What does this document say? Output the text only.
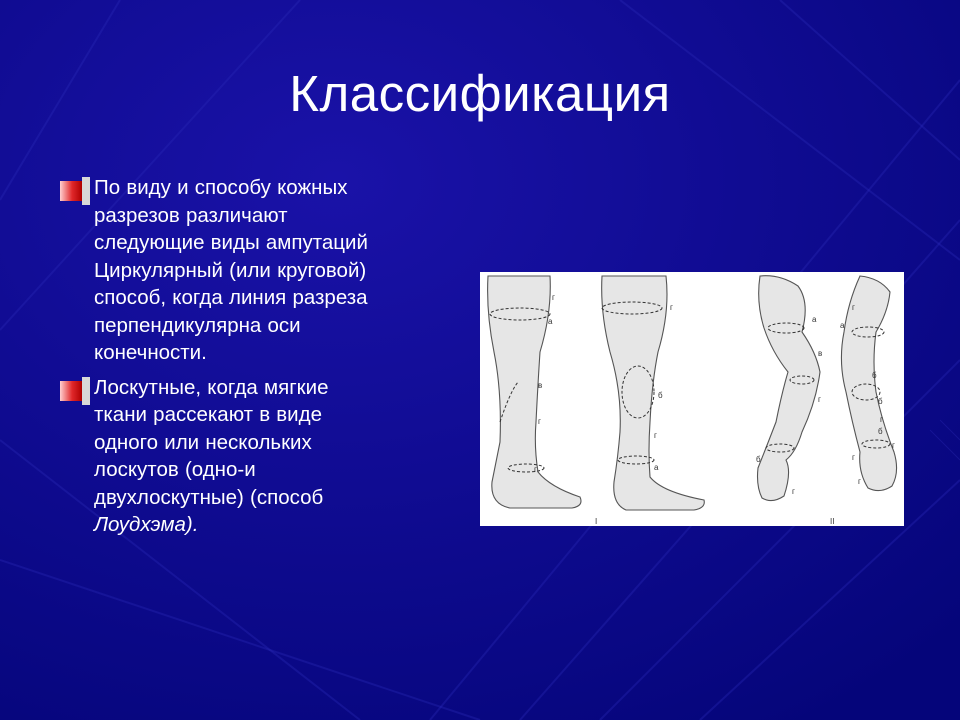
Классификация
По виду и способу кожных
разрезов различают
следующие виды ампутаций
Циркулярный (или круговой)
способ, когда линия разреза
перпендикулярна оси
конечности.
Лоскутные, когда мягкие
ткани рассекают в виде
одного или нескольких
лоскутов (одно-и
двухлоскутные) (способ
Лоудхэма).
г
а
в
г
г
б
г
а
г
а
в
г
б
г
г
а
б
б
г
б
г
г
г
I	II
